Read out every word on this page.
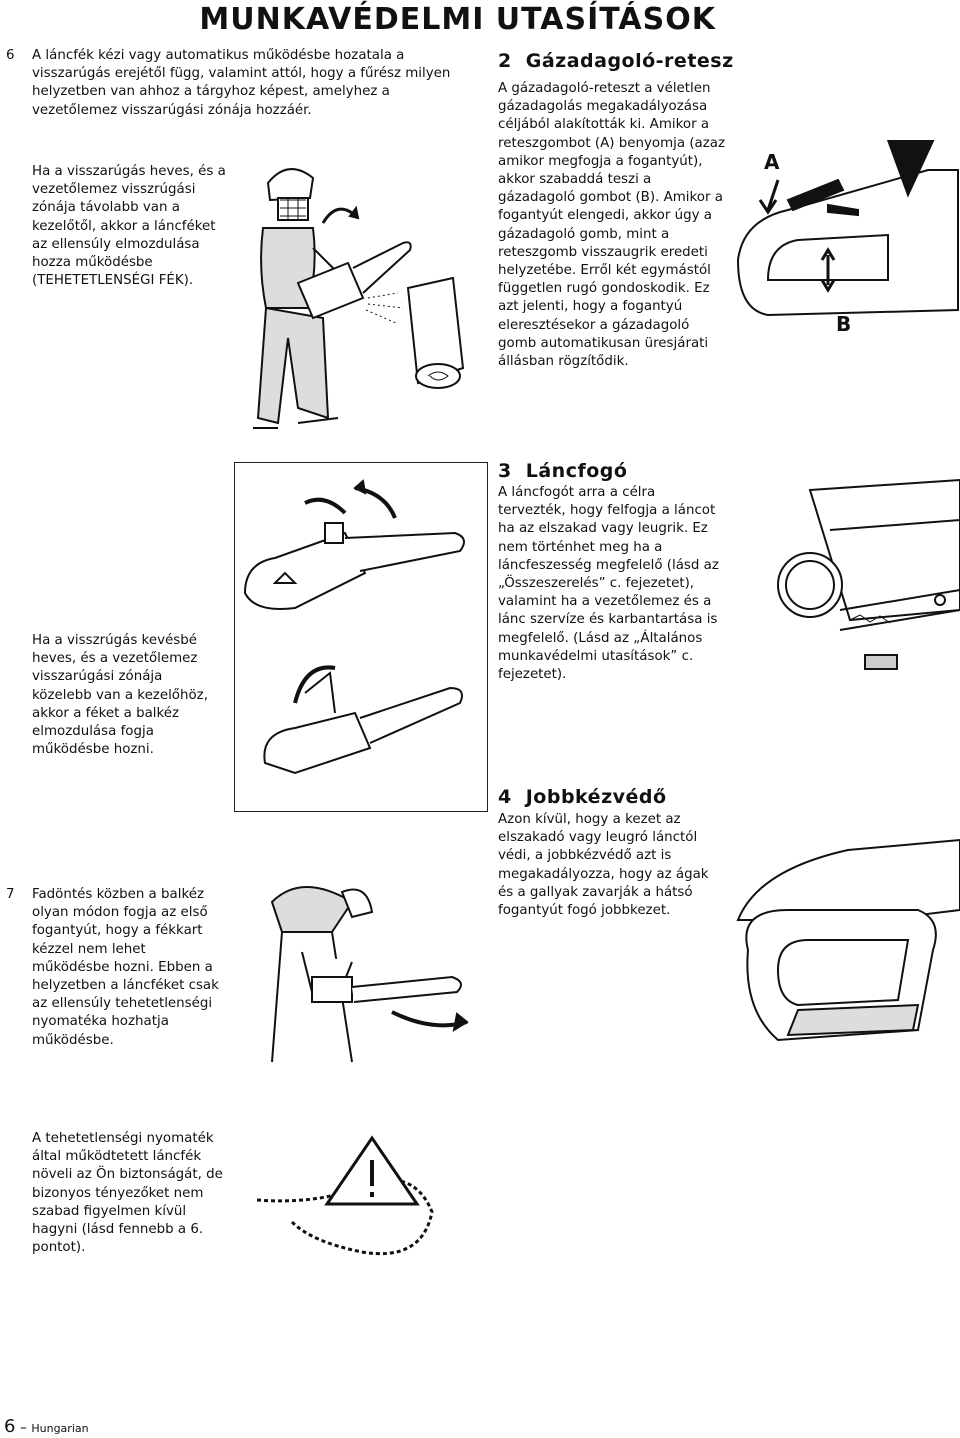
MUNKAVÉDELMI UTASÍTÁSOK
6 A láncfék kézi vagy automatikus működésbe hozatala a visszarúgás erejétől függ, valamint attól, hogy a fűrész milyen helyzetben van ahhoz a tárgyhoz képest, amelyhez a vezetőlemez visszarúgási zónája hozzáér.
Ha a visszarúgás heves, és a vezetőlemez visszrúgási zónája távolabb van a kezelőtől, akkor a láncféket az ellensúly elmozdulása hozza működésbe (TEHETETLENSÉGI FÉK).
2 Gázadagoló-retesz
A gázadagoló-reteszt a véletlen gázadagolás megakadályozása céljából alakították ki. Amikor a reteszgombot (A) benyomja (azaz amikor megfogja a fogantyút), akkor szabaddá teszi a gázadagoló gombot (B). Amikor a fogantyút elengedi, akkor úgy a gázadagoló gomb, mint a reteszgomb visszaugrik eredeti helyzetébe. Erről két egymástól független rugó gondoskodik. Ez azt jelenti, hogy a fogantyú eleresztésekor a gázadagoló gomb automatikusan üresjárati állásban rögzítődik.
A
B
Ha a visszrúgás kevésbé heves, és a vezetőlemez visszarúgási zónája közelebb van a kezelőhöz, akkor a féket a balkéz elmozdulása fogja működésbe hozni.
3 Láncfogó
A láncfogót arra a célra tervezték, hogy felfogja a láncot ha az elszakad vagy leugrik. Ez nem történhet meg ha a láncfeszesség megfelelő (lásd az „Összeszerelés” c. fejezetet), valamint ha a vezetőlemez és a lánc szervíze és karbantartása is megfelelő. (Lásd az „Általános munkavédelmi utasítások” c. fejezetet).
4 Jobbkézvédő
Azon kívül, hogy a kezet az elszakadó vagy leugró lánctól védi, a jobbkézvédő azt is megakadályozza, hogy az ágak és a gallyak zavarják a hátsó fogantyút fogó jobbkezet.
7 Fadöntés közben a balkéz olyan módon fogja az első fogantyút, hogy a fékkart kézzel nem lehet működésbe hozni. Ebben a helyzetben a láncféket csak az ellensúly tehetetlenségi nyomatéka hozhatja működésbe.
A tehetetlenségi nyomaték által működtetett láncfék növeli az Ön biztonságát, de bizonyos tényezőket nem szabad figyelmen kívül hagyni (lásd fennebb a 6. pontot).
6 – Hungarian
